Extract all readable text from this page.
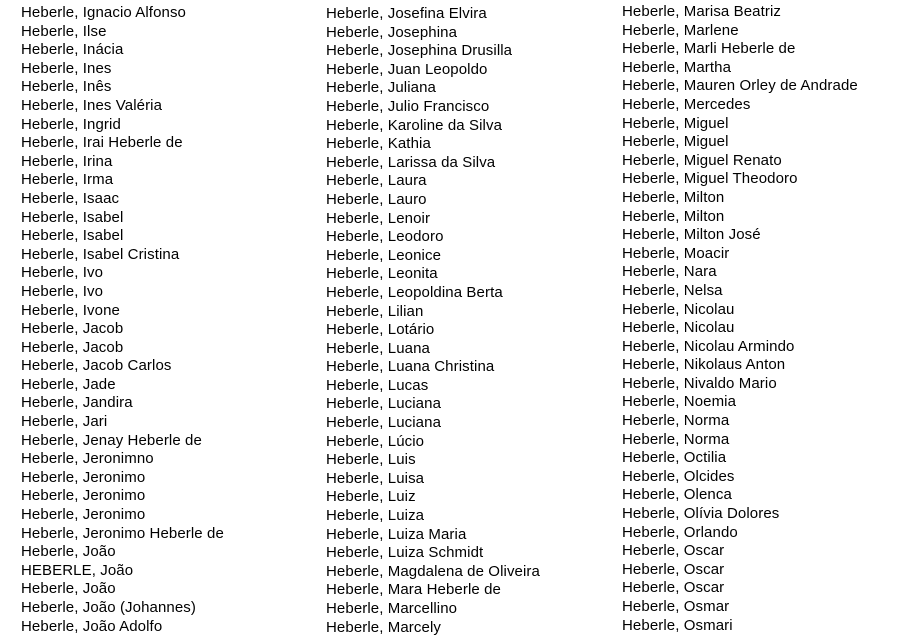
Heberle, Ignacio Alfonso
Heberle, Ilse
Heberle, Inácia
Heberle, Ines
Heberle, Inês
Heberle, Ines Valéria
Heberle, Ingrid
Heberle, Irai Heberle de
Heberle, Irina
Heberle, Irma
Heberle, Isaac
Heberle, Isabel
Heberle, Isabel
Heberle, Isabel Cristina
Heberle, Ivo
Heberle, Ivo
Heberle, Ivone
Heberle, Jacob
Heberle, Jacob
Heberle, Jacob Carlos
Heberle, Jade
Heberle, Jandira
Heberle, Jari
Heberle, Jenay Heberle de
Heberle, Jeronimno
Heberle, Jeronimo
Heberle, Jeronimo
Heberle, Jeronimo
Heberle, Jeronimo Heberle de
Heberle, João
HEBERLE, João
Heberle, João
Heberle, João (Johannes)
Heberle, João Adolfo
Heberle, Josefina Elvira
Heberle, Josephina
Heberle, Josephina Drusilla
Heberle, Juan Leopoldo
Heberle, Juliana
Heberle, Julio Francisco
Heberle, Karoline da Silva
Heberle, Kathia
Heberle, Larissa da Silva
Heberle, Laura
Heberle, Lauro
Heberle, Lenoir
Heberle, Leodoro
Heberle, Leonice
Heberle, Leonita
Heberle, Leopoldina Berta
Heberle, Lilian
Heberle, Lotário
Heberle, Luana
Heberle, Luana Christina
Heberle, Lucas
Heberle, Luciana
Heberle, Luciana
Heberle, Lúcio
Heberle, Luis
Heberle, Luisa
Heberle, Luiz
Heberle, Luiza
Heberle, Luiza Maria
Heberle, Luiza Schmidt
Heberle, Magdalena de Oliveira
Heberle, Mara Heberle de
Heberle, Marcellino
Heberle, Marcely
Heberle, Marisa Beatriz
Heberle, Marlene
Heberle, Marli Heberle de
Heberle, Martha
Heberle, Mauren Orley de Andrade
Heberle, Mercedes
Heberle, Miguel
Heberle, Miguel
Heberle, Miguel Renato
Heberle, Miguel Theodoro
Heberle, Milton
Heberle, Milton
Heberle, Milton José
Heberle, Moacir
Heberle, Nara
Heberle, Nelsa
Heberle, Nicolau
Heberle, Nicolau
Heberle, Nicolau Armindo
Heberle, Nikolaus Anton
Heberle, Nivaldo Mario
Heberle, Noemia
Heberle, Norma
Heberle, Norma
Heberle, Octilia
Heberle, Olcides
Heberle, Olenca
Heberle, Olívia Dolores
Heberle, Orlando
Heberle, Oscar
Heberle, Oscar
Heberle, Oscar
Heberle, Osmar
Heberle, Osmari
